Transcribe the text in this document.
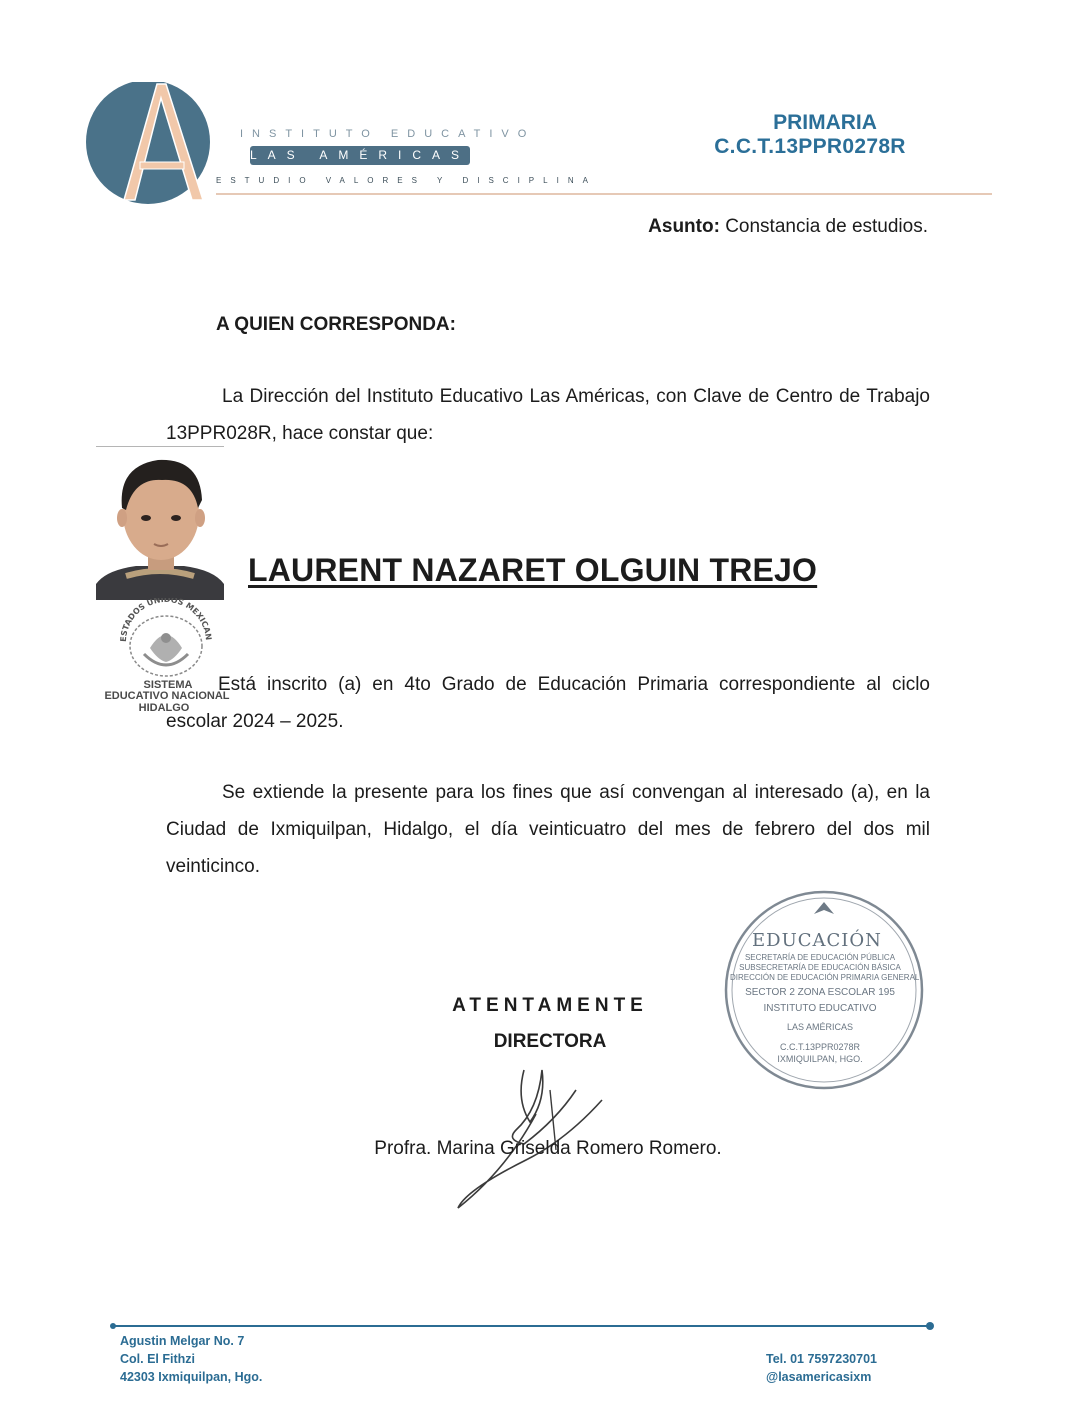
INSTITUTO EDUCATIVO
LAS AMÉRICAS
ESTUDIO VALORES Y DISCIPLINA
PRIMARIA
C.C.T.13PPR0278R
Asunto: Constancia de estudios.
A QUIEN CORRESPONDA:
La Dirección del Instituto Educativo Las Américas, con Clave de Centro de Trabajo 13PPR028R, hace constar que:
ESTADOS UNIDOS MEXICAN
SISTEMA
EDUCATIVO NACIONAL
HIDALGO
LAURENT NAZARET OLGUIN TREJO
Está inscrito (a) en 4to Grado de Educación Primaria correspondiente al ciclo escolar 2024 – 2025.
Se extiende la presente para los fines que así convengan al interesado (a), en la Ciudad de Ixmiquilpan, Hidalgo, el día veinticuatro del mes de febrero del dos mil veinticinco.
EDUCACIÓN
SECRETARÍA DE EDUCACIÓN PÚBLICA
SUBSECRETARÍA DE EDUCACIÓN BÁSICA
DIRECCIÓN DE EDUCACIÓN PRIMARIA GENERAL
SECTOR 2 ZONA ESCOLAR 195
INSTITUTO EDUCATIVO
LAS AMÉRICAS
C.C.T.13PPR0278R
IXMIQUILPAN, HGO.
ATENTAMENTE
DIRECTORA
Profra. Marina Griselda Romero Romero.
Agustin Melgar No. 7
Col. El Fithzi
42303 Ixmiquilpan, Hgo.
Tel. 01 7597230701
@lasamericasixm
